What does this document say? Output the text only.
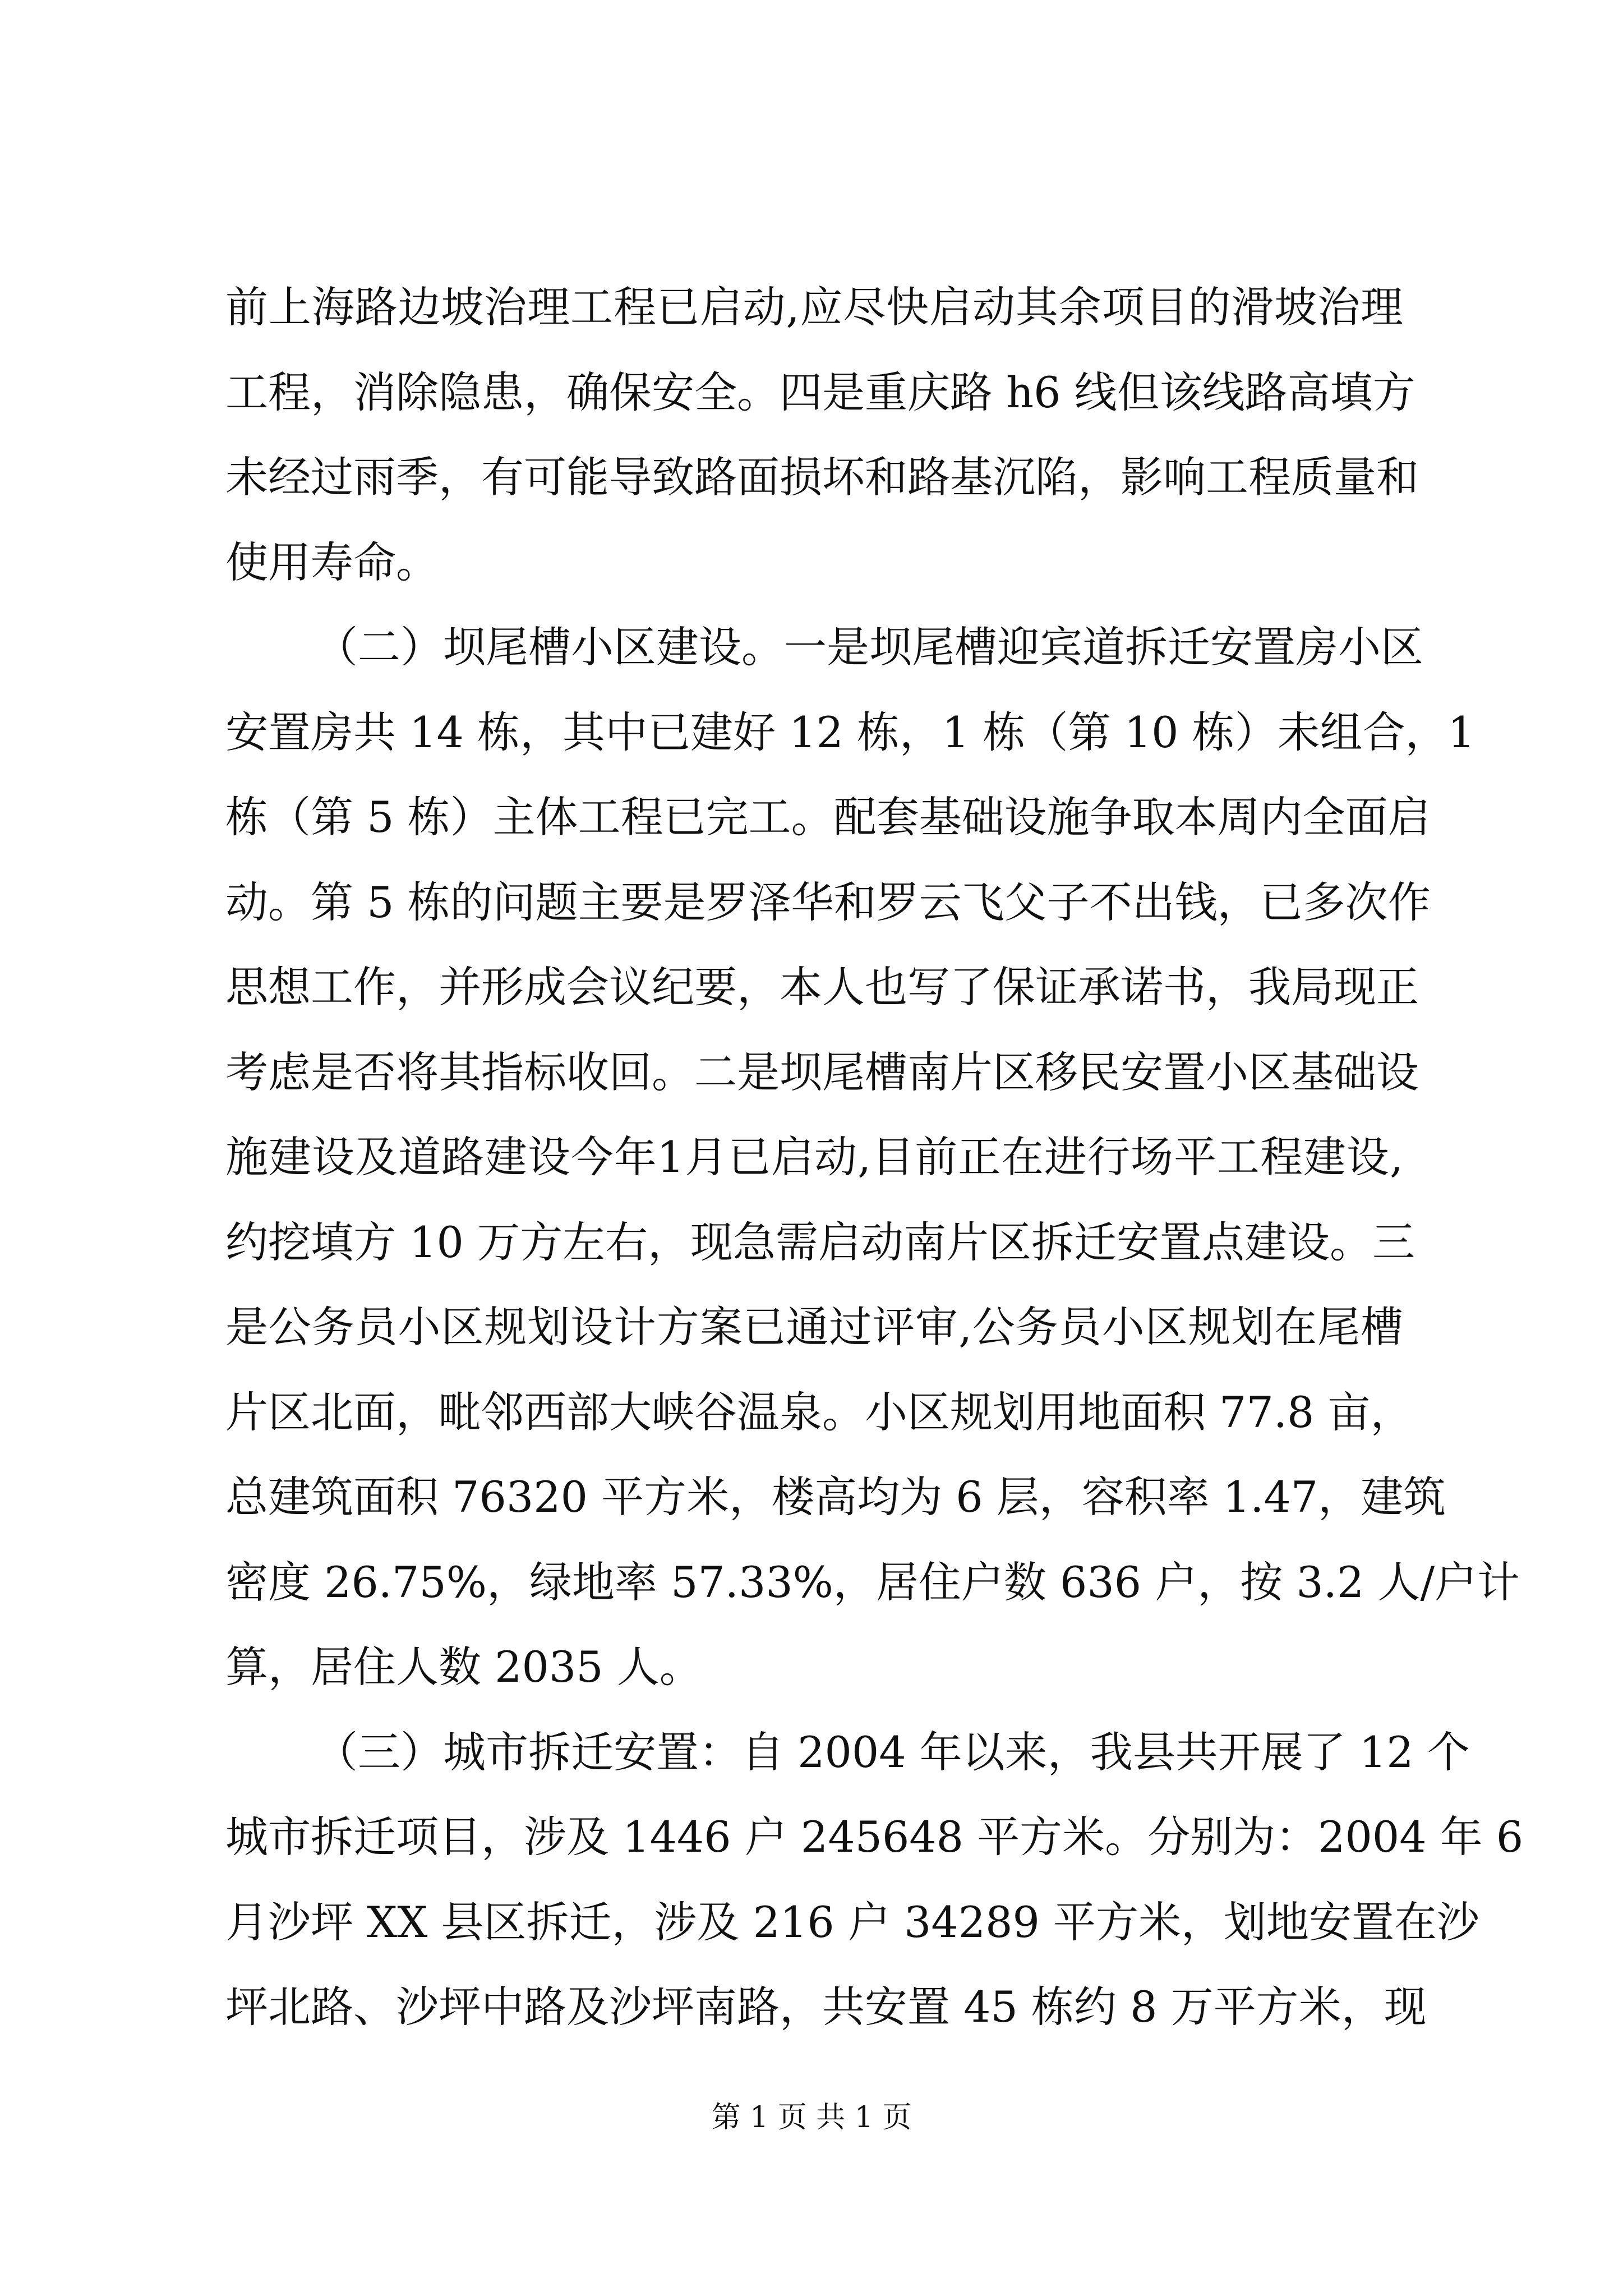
前上海路边坡治理工程已启动,应尽快启动其余项目的滑坡治理
工程，消除隐患，确保安全。四是重庆路 h6 线但该线路高填方
未经过雨季，有可能导致路面损坏和路基沉陷，影响工程质量和
使用寿命。
（二）坝尾槽小区建设。一是坝尾槽迎宾道拆迁安置房小区
安置房共 14 栋，其中已建好 12 栋，1 栋（第 10 栋）未组合，1
栋（第 5 栋）主体工程已完工。配套基础设施争取本周内全面启
动。第 5 栋的问题主要是罗泽华和罗云飞父子不出钱，已多次作
思想工作，并形成会议纪要，本人也写了保证承诺书，我局现正
考虑是否将其指标收回。二是坝尾槽南片区移民安置小区基础设
施建设及道路建设今年1月已启动,目前正在进行场平工程建设,
约挖填方 10 万方左右，现急需启动南片区拆迁安置点建设。三
是公务员小区规划设计方案已通过评审,公务员小区规划在尾槽
片区北面，毗邻西部大峡谷温泉。小区规划用地面积 77.8 亩，
总建筑面积 76320 平方米，楼高均为 6 层，容积率 1.47，建筑
密度 26.75%，绿地率 57.33%，居住户数 636 户，按 3.2 人/户计
算，居住人数 2035 人。
（三）城市拆迁安置：自 2004 年以来，我县共开展了 12 个
城市拆迁项目，涉及 1446 户 245648 平方米。分别为：2004 年 6
月沙坪 XX 县区拆迁，涉及 216 户 34289 平方米，划地安置在沙
坪北路、沙坪中路及沙坪南路，共安置 45 栋约 8 万平方米，现
第 1 页 共 1 页
